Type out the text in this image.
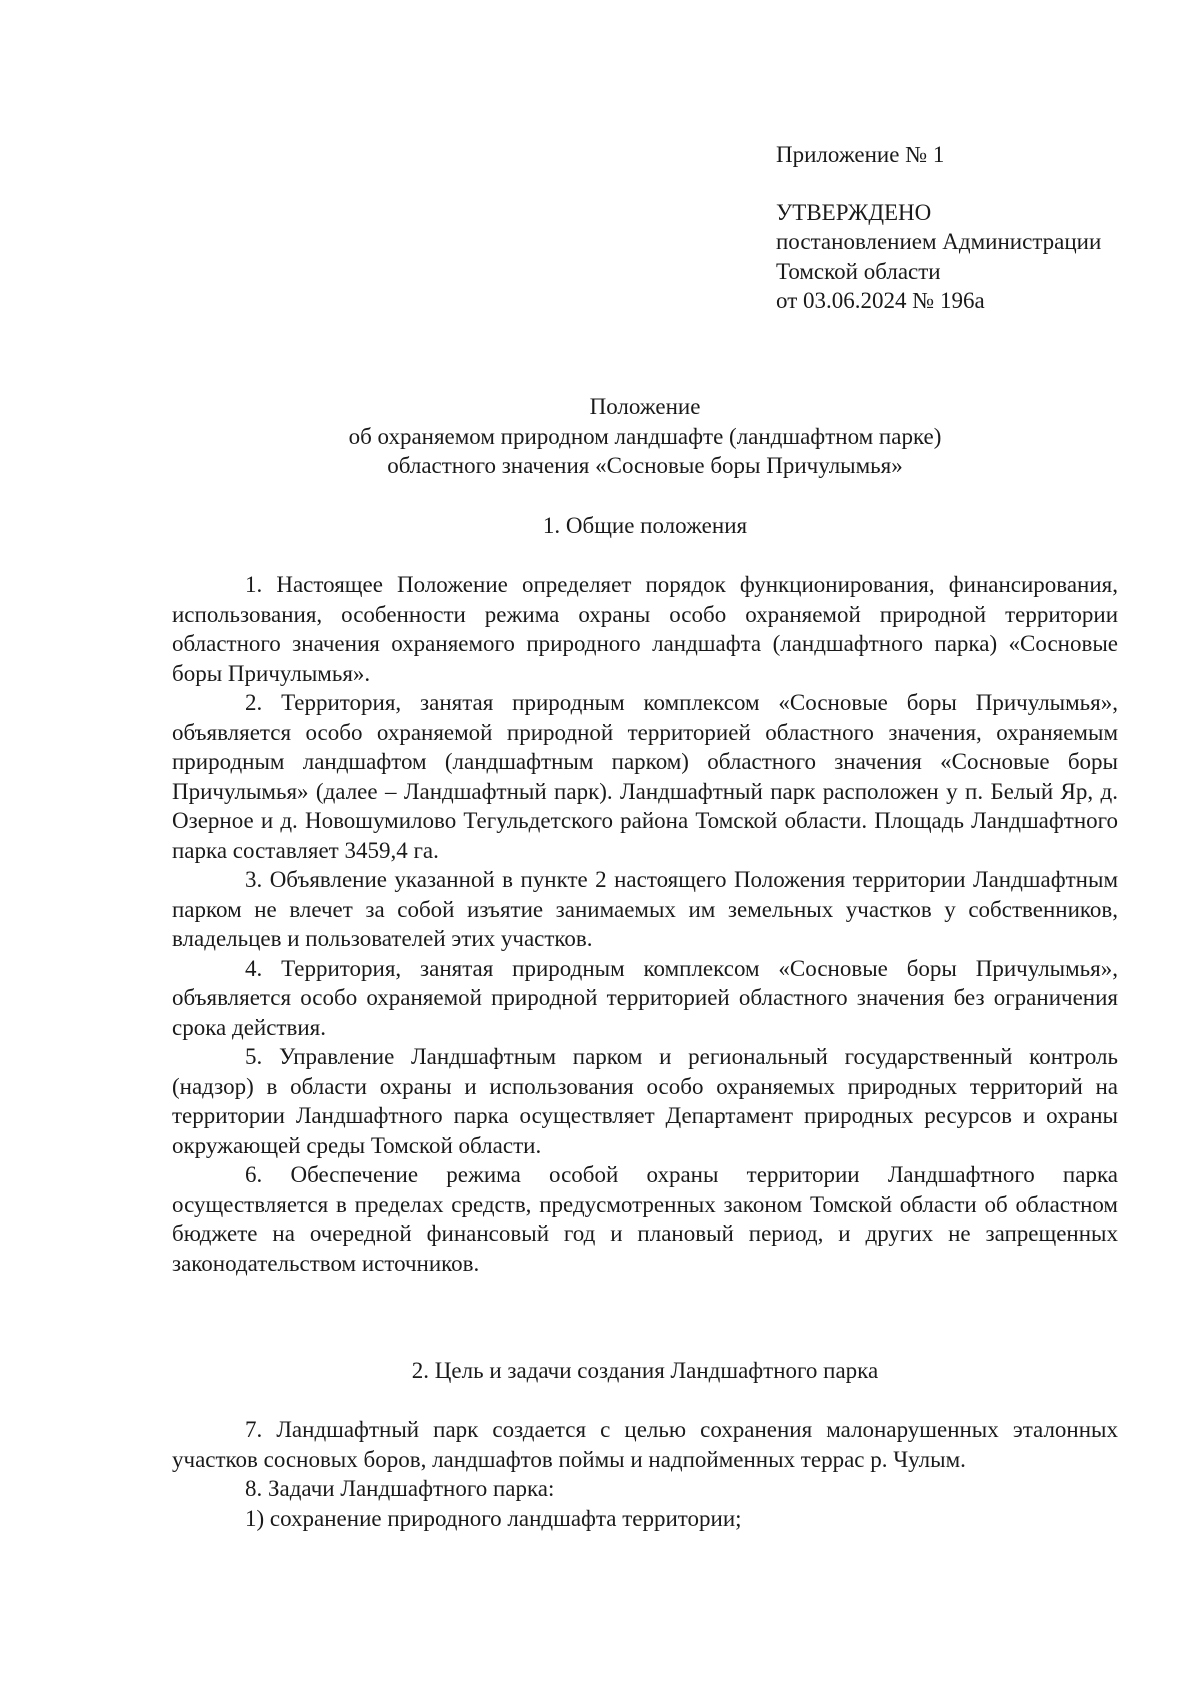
Приложение № 1
УТВЕРЖДЕНО
постановлением Администрации
Томской области
от 03.06.2024 № 196а
Положение
об охраняемом природном ландшафте (ландшафтном парке)
областного значения «Сосновые боры Причулымья»
1. Общие положения

1. Настоящее Положение определяет порядок функционирования, финансирования, использования, особенности режима охраны особо охраняемой природной территории областного значения охраняемого природного ландшафта (ландшафтного парка) «Сосновые боры Причулымья».

2. Территория, занятая природным комплексом «Сосновые боры Причулымья», объявляется особо охраняемой природной территорией областного значения, охраняемым природным ландшафтом (ландшафтным парком) областного значения «Сосновые боры Причулымья» (далее – Ландшафтный парк). Ландшафтный парк расположен у п. Белый Яр, д. Озерное и д. Новошумилово Тегульдетского района Томской области. Площадь Ландшафтного парка составляет 3459,4 га.

3. Объявление указанной в пункте 2 настоящего Положения территории Ландшафтным парком не влечет за собой изъятие занимаемых им земельных участков у собственников, владельцев и пользователей этих участков.

4. Территория, занятая природным комплексом «Сосновые боры Причулымья», объявляется особо охраняемой природной территорией областного значения без ограничения срока действия.

5. Управление Ландшафтным парком и региональный государственный контроль (надзор) в области охраны и использования особо охраняемых природных территорий на территории Ландшафтного парка осуществляет Департамент природных ресурсов и охраны окружающей среды Томской области.

6. Обеспечение режима особой охраны территории Ландшафтного парка осуществляется в пределах средств, предусмотренных законом Томской области об областном бюджете на очередной финансовый год и плановый период, и других не запрещенных законодательством источников.

2. Цель и задачи создания Ландшафтного парка

7. Ландшафтный парк создается с целью сохранения малонарушенных эталонных участков сосновых боров, ландшафтов поймы и надпойменных террас р. Чулым.

8. Задачи Ландшафтного парка:

1) сохранение природного ландшафта территории;
